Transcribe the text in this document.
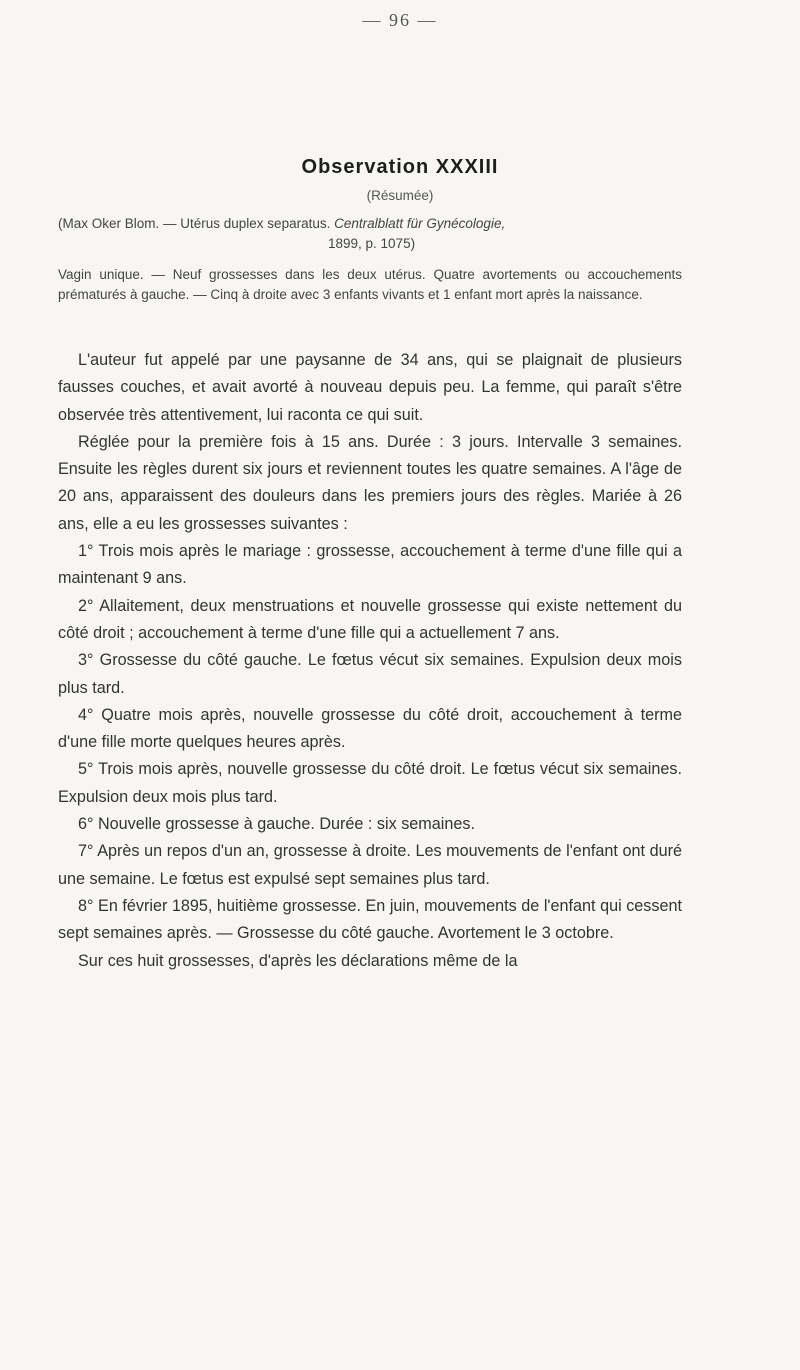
— 96 —
Observation XXXIII
(Résumée)
(Max Oker Blom. — Utérus duplex separatus. Centralblatt für Gynécologie,
1899, p. 1075)
Vagin unique. — Neuf grossesses dans les deux utérus. Quatre avortements ou accouchements prématurés à gauche. — Cinq à droite avec 3 enfants vivants et 1 enfant mort après la naissance.

L'auteur fut appelé par une paysanne de 34 ans, qui se plaignait de plusieurs fausses couches, et avait avorté à nouveau depuis peu. La femme, qui paraît s'être observée très attentivement, lui raconta ce qui suit.

Réglée pour la première fois à 15 ans. Durée : 3 jours. Intervalle 3 semaines. Ensuite les règles durent six jours et reviennent toutes les quatre semaines. A l'âge de 20 ans, apparaissent des douleurs dans les premiers jours des règles. Mariée à 26 ans, elle a eu les grossesses suivantes :

1° Trois mois après le mariage : grossesse, accouchement à terme d'une fille qui a maintenant 9 ans.

2° Allaitement, deux menstruations et nouvelle grossesse qui existe nettement du côté droit ; accouchement à terme d'une fille qui a actuellement 7 ans.

3° Grossesse du côté gauche. Le fœtus vécut six semaines. Expulsion deux mois plus tard.

4° Quatre mois après, nouvelle grossesse du côté droit, accouchement à terme d'une fille morte quelques heures après.

5° Trois mois après, nouvelle grossesse du côté droit. Le fœtus vécut six semaines. Expulsion deux mois plus tard.

6° Nouvelle grossesse à gauche. Durée : six semaines.

7° Après un repos d'un an, grossesse à droite. Les mouvements de l'enfant ont duré une semaine. Le fœtus est expulsé sept semaines plus tard.

8° En février 1895, huitième grossesse. En juin, mouvements de l'enfant qui cessent sept semaines après. — Grossesse du côté gauche. Avortement le 3 octobre.

Sur ces huit grossesses, d'après les déclarations même de la
